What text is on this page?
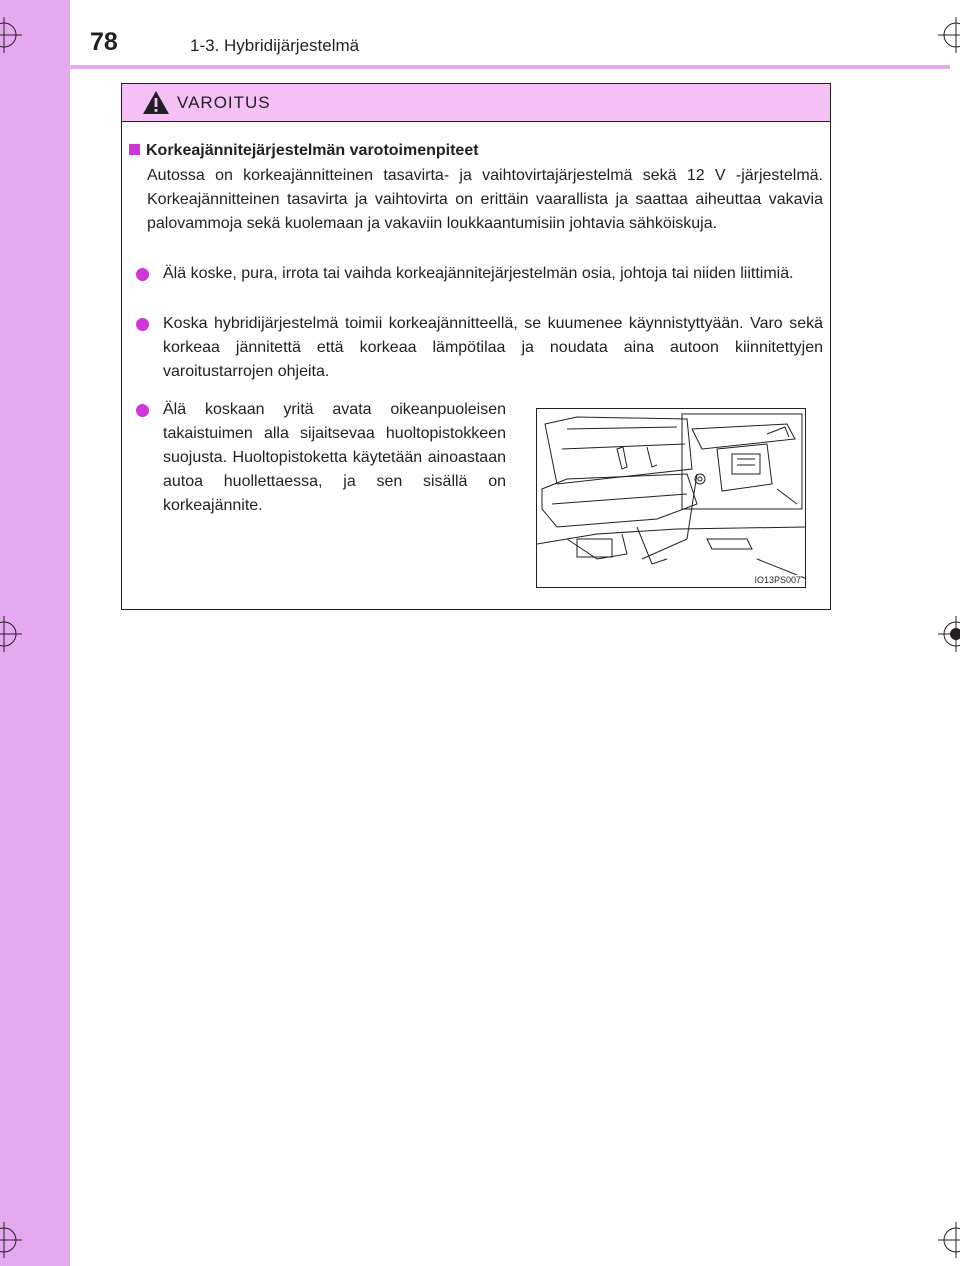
78	1-3. Hybridijärjestelmä
VAROITUS
Korkeajännitejärjestelmän varotoimenpiteet
Autossa on korkeajännitteinen tasavirta- ja vaihtovirtajärjestelmä sekä 12 V -järjestelmä. Korkeajännitteinen tasavirta ja vaihtovirta on erittäin vaarallista ja saattaa aiheuttaa vakavia palovammoja sekä kuolemaan ja vakaviin loukkaantumisiin johtavia sähköiskuja.
Älä koske, pura, irrota tai vaihda korkeajännitejärjestelmän osia, johtoja tai niiden liittimiä.
Koska hybridijärjestelmä toimii korkeajännitteellä, se kuumenee käynnistyttyään. Varo sekä korkeaa jännitettä että korkeaa lämpötilaa ja noudata aina autoon kiinnitettyjen varoitustarrojen ohjeita.
Älä koskaan yritä avata oikeanpuoleisen takaistuimen alla sijaitsevaa huoltopistokkeen suojusta. Huoltopistoketta käytetään ainoastaan autoa huollettaessa, ja sen sisällä on korkeajännite.
IO13PS007
